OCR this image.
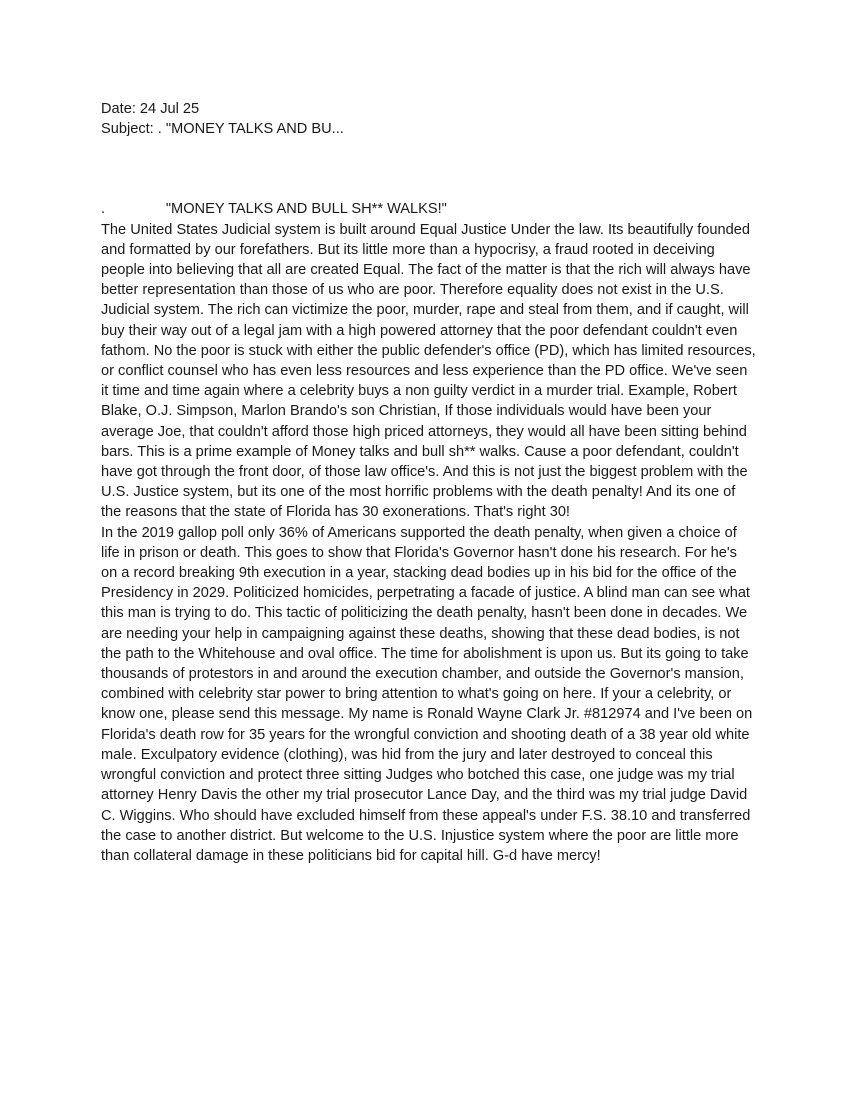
Date: 24 Jul 25

Subject: . "MONEY TALKS AND BU...

.               "MONEY TALKS AND BULL SH** WALKS!"

The United States Judicial system is built around Equal Justice Under the law. Its beautifully founded and formatted by our forefathers. But its little more than a hypocrisy, a fraud rooted in deceiving people into believing that all are created Equal. The fact of the matter is that the rich will always have better representation than those of us who are poor. Therefore equality does not exist in the U.S. Judicial system. The rich can victimize the poor, murder, rape and steal from them, and if caught, will buy their way out of a legal jam with a high powered attorney that the poor defendant couldn't even fathom. No the poor is stuck with either the public defender's office (PD), which has limited resources, or conflict counsel who has even less resources and less experience than the PD office. We've seen it time and time again where a celebrity buys a non guilty verdict in a murder trial. Example, Robert Blake, O.J. Simpson, Marlon Brando's son Christian, If those individuals would have been your average Joe, that couldn't afford those high priced attorneys, they would all have been sitting behind bars. This is a prime example of Money talks and bull sh** walks. Cause a poor defendant, couldn't have got through the front door, of those law office's. And this is not just the biggest problem with the U.S. Justice system, but its one of the most horrific problems with the death penalty! And its one of the reasons that the state of Florida has 30 exonerations. That's right 30!

In the 2019 gallop poll only 36% of Americans supported the death penalty, when given a choice of life in prison or death. This goes to show that Florida's Governor hasn't done his research. For he's on a record breaking 9th execution in a year, stacking dead bodies up in his bid for the office of the Presidency in 2029. Politicized homicides, perpetrating a facade of justice. A blind man can see what this man is trying to do. This tactic of politicizing the death penalty, hasn't been done in decades. We are needing your help in campaigning against these deaths, showing that these dead bodies, is not the path to the Whitehouse and oval office. The time for abolishment is upon us. But its going to take thousands of protestors in and around the execution chamber, and outside the Governor's mansion, combined with celebrity star power to bring attention to what's going on here. If your a celebrity, or know one, please send this message. My name is Ronald Wayne Clark Jr. #812974 and I've been on Florida's death row for 35 years for the wrongful conviction and shooting death of a 38 year old white male. Exculpatory evidence (clothing), was hid from the jury and later destroyed to conceal this wrongful conviction and protect three sitting Judges who botched this case, one judge was my trial attorney Henry Davis the other my trial prosecutor Lance Day, and the third was my trial judge David C. Wiggins. Who should have excluded himself from these appeal's under F.S. 38.10 and transferred the case to another district. But welcome to the U.S. Injustice system where the poor are little more than collateral damage in these politicians bid for capital hill. G-d have mercy!
